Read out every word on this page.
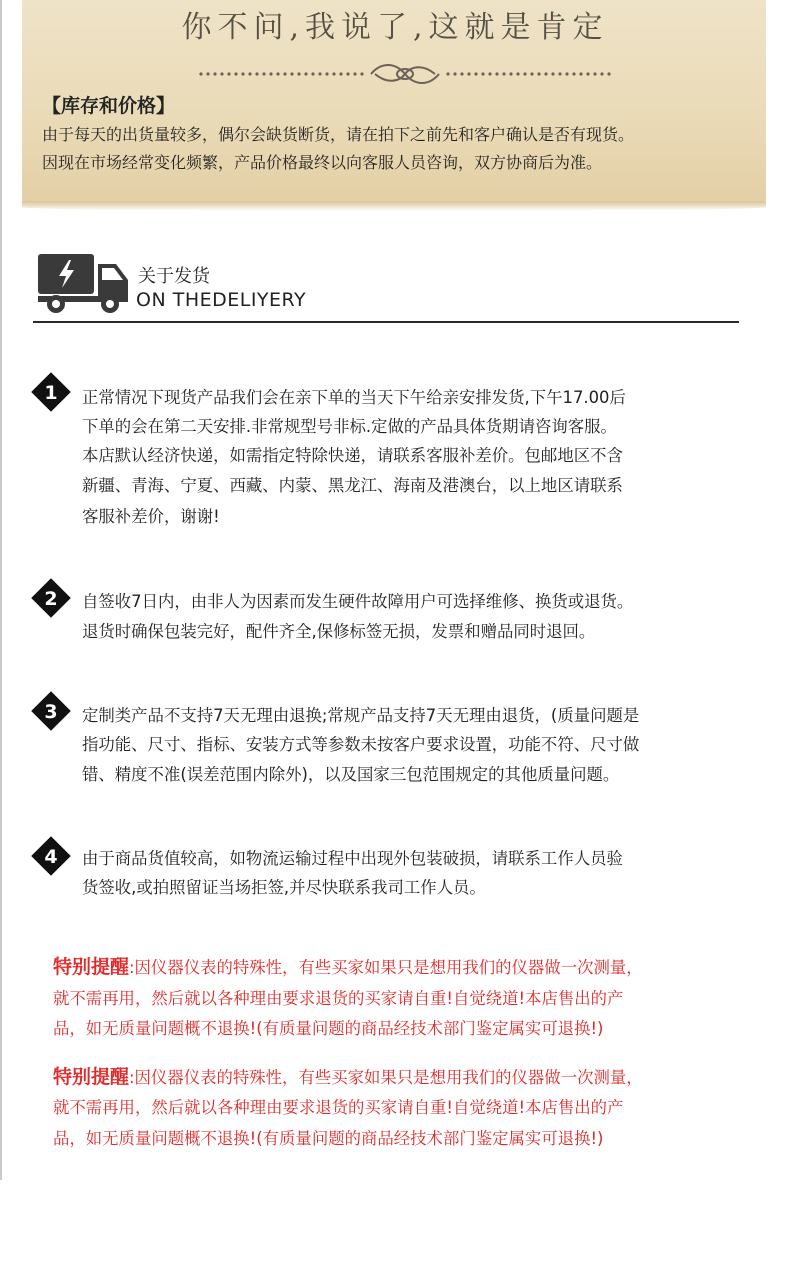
你不问,我说了,这就是肯定
【库存和价格】
由于每天的出货量较多，偶尔会缺货断货，请在拍下之前先和客户确认是否有现货。
因现在市场经常变化频繁，产品价格最终以向客服人员咨询，双方协商后为准。
关于发货
ON THEDELIYERY
1 正常情况下现货产品我们会在亲下单的当天下午给亲安排发货,下午17.00后
下单的会在第二天安排.非常规型号非标.定做的产品具体货期请咨询客服。
本店默认经济快递，如需指定特除快递，请联系客服补差价。包邮地区不含
新疆、青海、宁夏、西藏、内蒙、黑龙江、海南及港澳台，以上地区请联系
客服补差价，谢谢!
2 自签收7日内，由非人为因素而发生硬件故障用户可选择维修、换货或退货。
退货时确保包装完好，配件齐全,保修标签无损，发票和赠品同时退回。
3 定制类产品不支持7天无理由退换;常规产品支持7天无理由退货，(质量问题是
指功能、尺寸、指标、安装方式等参数未按客户要求设置，功能不符、尺寸做
错、精度不准(误差范围内除外)，以及国家三包范围规定的其他质量问题。
4 由于商品货值较高，如物流运输过程中出现外包装破损，请联系工作人员验
货签收,或拍照留证当场拒签,并尽快联系我司工作人员。
特别提醒:因仪器仪表的特殊性，有些买家如果只是想用我们的仪器做一次测量，
就不需再用，然后就以各种理由要求退货的买家请自重!自觉绕道!本店售出的产
品，如无质量问题概不退换!(有质量问题的商品经技术部门鉴定属实可退换!)
特别提醒:因仪器仪表的特殊性，有些买家如果只是想用我们的仪器做一次测量，
就不需再用，然后就以各种理由要求退货的买家请自重!自觉绕道!本店售出的产
品，如无质量问题概不退换!(有质量问题的商品经技术部门鉴定属实可退换!)
